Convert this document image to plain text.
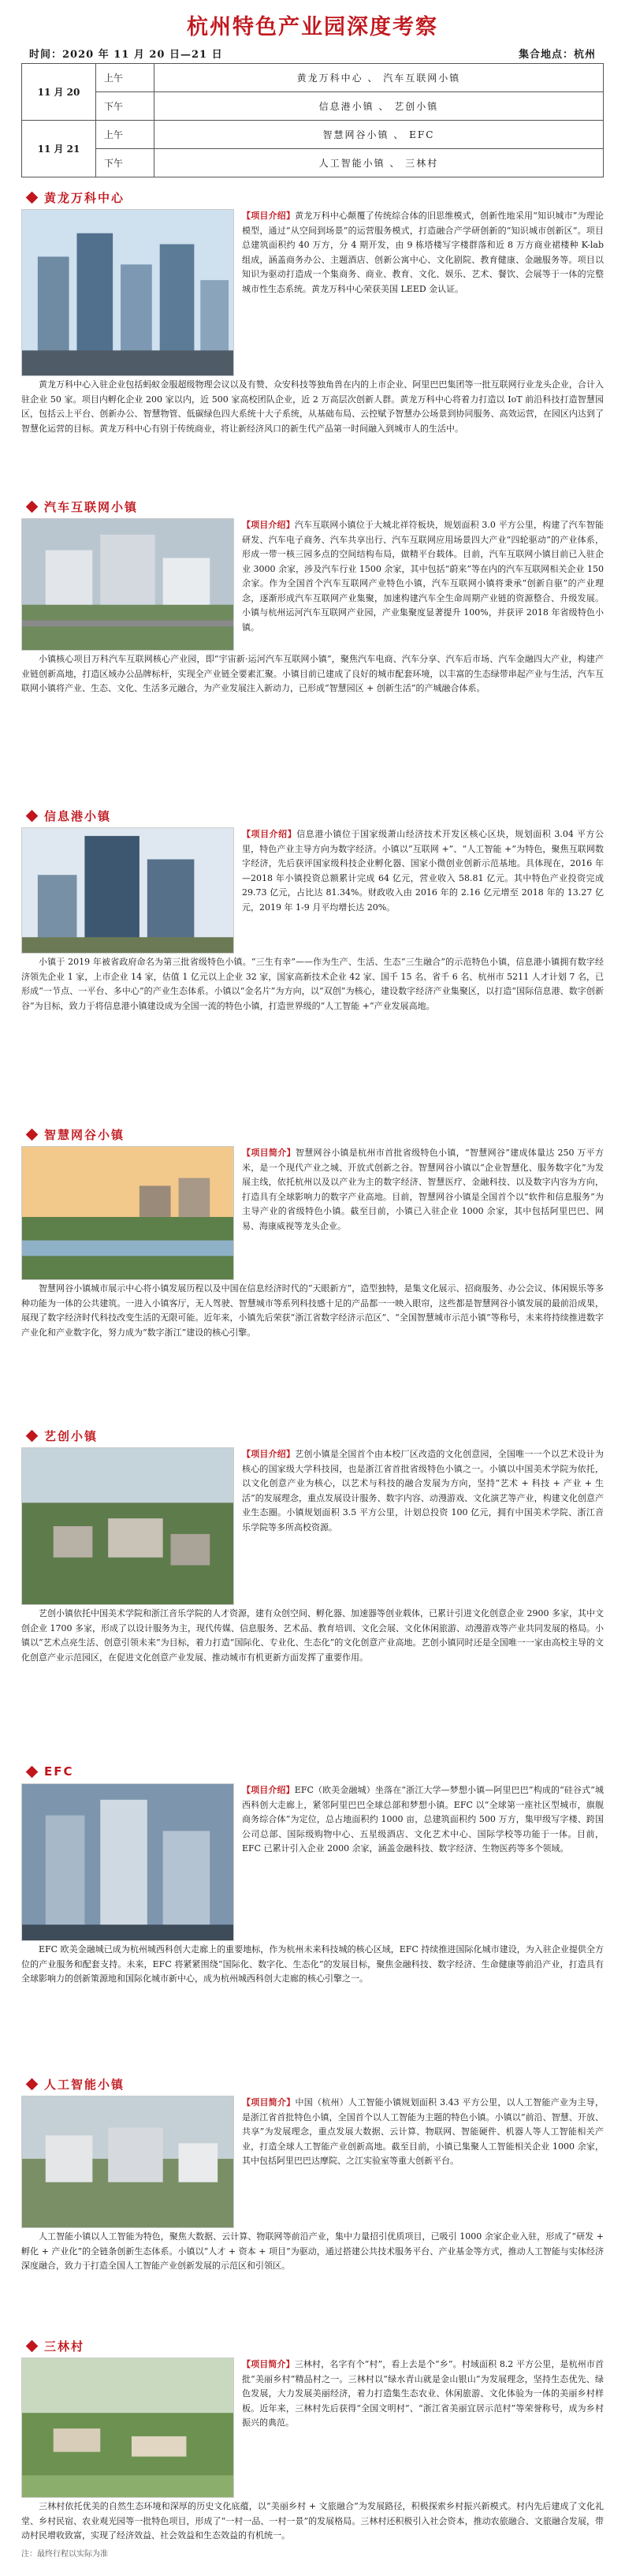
杭州特色产业园深度考察
时间：2020 年 11 月 20 日—21 日	集合地点：杭州
11 月 20	上午	黄龙万科中心 、 汽车互联网小镇
	下午	信息港小镇 、 艺创小镇
11 月 21	上午	智慧网谷小镇 、 EFC
	下午	人工智能小镇 、 三林村
黄龙万科中心
【项目介绍】黄龙万科中心颠覆了传统综合体的旧思维模式，创新性地采用“知识城市”为理论模型，通过“从空间到场景”的运营服务模式，打造融合产学研创新的“知识城市创新区”。项目总建筑面积约 40 万方，分 4 期开发，由 9 栋塔楼写字楼群落和近 8 万方商业裙楼种 K-lab 组成，涵盖商务办公、主题酒店、创新公寓中心、文化剧院、教育健康、金融服务等。项目以知识为驱动打造成一个集商务、商业、教育、文化、娱乐、艺术、餐饮、会展等于一体的完整城市性生态系统。黄龙万科中心荣获美国 LEED 金认证。
黄龙万科中心入驻企业包括蚂蚁金服超级物理会议以及有赞、众安科技等独角兽在内的上市企业、阿里巴巴集团等一批互联网行业龙头企业，合计入驻企业 50 家。项目内孵化企业 200 家以内，近 500 家高校团队企业，近 2 万高层次创新人群。黄龙万科中心将着力打造以 IoT 前沿科技打造智慧园区，包括云上平台、创新办公、智慧物管、低碳绿色四大系统十大子系统，从基础布局、云控赋予智慧办公场景到协同服务、高效运营，在园区内达到了智慧化运营的目标。黄龙万科中心有别于传统商业，将让新经济风口的新生代产品第一时间融入到城市人的生活中。
汽车互联网小镇
【项目介绍】汽车互联网小镇位于大城北祥符板块，规划面积 3.0 平方公里，构建了汽车智能研发、汽车电子商务、汽车共享出行、汽车互联网应用场景四大产业“四轮驱动”的产业体系，形成一带一核三园多点的空间结构布局，做精平台载体。目前，汽车互联网小镇目前已入驻企业 3000 余家，涉及汽车行业 1500 余家，其中包括“蔚来”等在内的汽车互联网相关企业 150 余家。作为全国首个汽车互联网产业特色小镇，汽车互联网小镇将秉承“创新自驱”的产业理念，逐渐形成汽车互联网产业集聚，加速构建汽车全生命周期产业链的资源整合、升级发展。小镇与杭州运河汽车互联网产业园，产业集聚度显著提升 100%，并获评 2018 年省级特色小镇。
小镇核心项目万科汽车互联网核心产业园，即“宇宙新·运河汽车互联网小镇”，聚焦汽车电商、汽车分享、汽车后市场、汽车金融四大产业，构建产业链创新高地，打造区域办公品牌标杆，实现全产业链全要素汇聚。小镇目前已建成了良好的城市配套环境，以丰富的生态绿带串起产业与生活，汽车互联网小镇将产业、生态、文化、生活多元融合，为产业发展注入新动力，已形成“智慧园区 + 创新生活”的产城融合体系。
信息港小镇
【项目介绍】信息港小镇位于国家级萧山经济技术开发区核心区块，规划面积 3.04 平方公里，特色产业主导方向为数字经济。小镇以“互联网 +”、“人工智能 +”为特色，聚焦互联网数字经济，先后获评国家级科技企业孵化器、国家小微创业创新示范基地。具体现在，2016 年—2018 年小镇投资总额累计完成 64 亿元，营业收入 58.81 亿元。其中特色产业投资完成 29.73 亿元，占比达 81.34%。财政收入由 2016 年的 2.16 亿元增至 2018 年的 13.27 亿元，2019 年 1-9 月平均增长达 20%。
小镇于 2019 年被省政府命名为第三批省级特色小镇。“三生有幸”——作为生产、生活、生态“三生融合”的示范特色小镇，信息港小镇拥有数字经济领先企业 1 家，上市企业 14 家，估值 1 亿元以上企业 32 家，国家高新技术企业 42 家、国千 15 名、省千 6 名、杭州市 5211 人才计划 7 名，已形成“一节点、一平台、多中心”的产业生态体系。小镇以“金名片”为方向，以“双创”为核心，建设数字经济产业集聚区，以打造“国际信息港、数字创新谷”为目标，致力于将信息港小镇建设成为全国一流的特色小镇，打造世界级的“人工智能 +”产业发展高地。
智慧网谷小镇
【项目简介】智慧网谷小镇是杭州市首批省级特色小镇，“智慧网谷”建成体量达 250 万平方米，是一个现代产业之城、开放式创新之谷。智慧网谷小镇以“企业智慧化、服务数字化”为发展主线，依托杭州以及以产业为主的数字经济、智慧医疗、金融科技、以及数字内容为方向，打造具有全球影响力的数字产业高地。目前，智慧网谷小镇是全国首个以“软件和信息服务”为主导产业的省级特色小镇。截至目前，小镇已入驻企业 1000 余家，其中包括阿里巴巴、网易、海康威视等龙头企业。
智慧网谷小镇城市展示中心将小镇发展历程以及中国在信息经济时代的“天眼新方”，造型独特，是集文化展示、招商服务、办公会议、体闲娱乐等多种功能为一体的公共建筑。一进入小镇客厅，无人驾驶、智慧城市等系列科技感十足的产品都一一映入眼帘，这些都是智慧网谷小镇发展的最前沿成果，展现了数字经济时代科技改变生活的无限可能。近年来，小镇先后荣获“浙江省数字经济示范区”、“全国智慧城市示范小镇”等称号，未来将持续推进数字产业化和产业数字化，努力成为“数字浙江”建设的核心引擎。
艺创小镇
【项目介绍】艺创小镇是全国首个由本校厂区改造的文化创意园，全国唯一一个以艺术设计为核心的国家级大学科技园，也是浙江省首批省级特色小镇之一。小镇以中国美术学院为依托，以文化创意产业为核心，以艺术与科技的融合发展为方向，坚持“艺术 + 科技 + 产业 + 生活”的发展理念，重点发展设计服务、数字内容、动漫游戏、文化演艺等产业，构建文化创意产业生态圈。小镇规划面积 3.5 平方公里，计划总投资 100 亿元，拥有中国美术学院、浙江音乐学院等多所高校资源。
艺创小镇依托中国美术学院和浙江音乐学院的人才资源，建有众创空间、孵化器、加速器等创业载体，已累计引进文化创意企业 2900 多家，其中文创企业 1700 多家，形成了以设计服务为主，现代传媒、信息服务、艺术品、教育培训、文化会展、文化休闲旅游、动漫游戏等产业共同发展的格局。小镇以“艺术点亮生活、创意引领未来”为目标，着力打造“国际化、专业化、生态化”的文化创意产业高地。艺创小镇同时还是全国唯一一家由高校主导的文化创意产业示范园区，在促进文化创意产业发展、推动城市有机更新方面发挥了重要作用。
EFC
【项目介绍】EFC（欧美金融城）坐落在“浙江大学—梦想小镇—阿里巴巴”构成的“硅谷式”城西科创大走廊上，紧邻阿里巴巴全球总部和梦想小镇。EFC 以“全球第一座社区型城市，旗舰商务综合体”为定位，总占地面积约 1000 亩，总建筑面积约 500 万方，集甲级写字楼、跨国公司总部、国际级购物中心、五星级酒店、文化艺术中心、国际学校等功能于一体。目前，EFC 已累计引入企业 2000 余家，涵盖金融科技、数字经济、生物医药等多个领域。
EFC 欧美金融城已成为杭州城西科创大走廊上的重要地标，作为杭州未来科技城的核心区域，EFC 持续推进国际化城市建设，为入驻企业提供全方位的产业服务和配套支持。未来，EFC 将紧紧围绕“国际化、数字化、生态化”的发展目标，聚焦金融科技、数字经济、生命健康等前沿产业，打造具有全球影响力的创新策源地和国际化城市新中心，成为杭州城西科创大走廊的核心引擎之一。
人工智能小镇
【项目简介】中国（杭州）人工智能小镇规划面积 3.43 平方公里，以人工智能产业为主导，是浙江省首批特色小镇，全国首个以人工智能为主题的特色小镇。小镇以“前沿、智慧、开放、共享”为发展理念，重点发展大数据、云计算、物联网、智能硬件、机器人等人工智能相关产业，打造全球人工智能产业创新高地。截至目前，小镇已集聚人工智能相关企业 1000 余家，其中包括阿里巴巴达摩院、之江实验室等重大创新平台。
人工智能小镇以人工智能为特色，聚焦大数据、云计算、物联网等前沿产业，集中力量招引优质项目，已吸引 1000 余家企业入驻，形成了“研发 + 孵化 + 产业化”的全链条创新生态体系。小镇以“人才 + 资本 + 项目”为驱动，通过搭建公共技术服务平台、产业基金等方式，推动人工智能与实体经济深度融合，致力于打造全国人工智能产业创新发展的示范区和引领区。
三林村
【项目简介】三林村，名字有个“村”，看上去是个“乡”。村域面积 8.2 平方公里，是杭州市首批“美丽乡村”精品村之一。三林村以“绿水青山就是金山银山”为发展理念，坚持生态优先、绿色发展，大力发展美丽经济，着力打造集生态农业、休闲旅游、文化体验为一体的美丽乡村样板。近年来，三林村先后获得“全国文明村”、“浙江省美丽宜居示范村”等荣誉称号，成为乡村振兴的典范。
三林村依托优美的自然生态环境和深厚的历史文化底蕴，以“美丽乡村 + 文旅融合”为发展路径，积极探索乡村振兴新模式。村内先后建成了文化礼堂、乡村民宿、农业观光园等一批特色项目，形成了“一村一品、一村一景”的发展格局。三林村还积极引入社会资本，推动农旅融合、文旅融合发展，带动村民增收致富，实现了经济效益、社会效益和生态效益的有机统一。
注：最终行程以实际为准
